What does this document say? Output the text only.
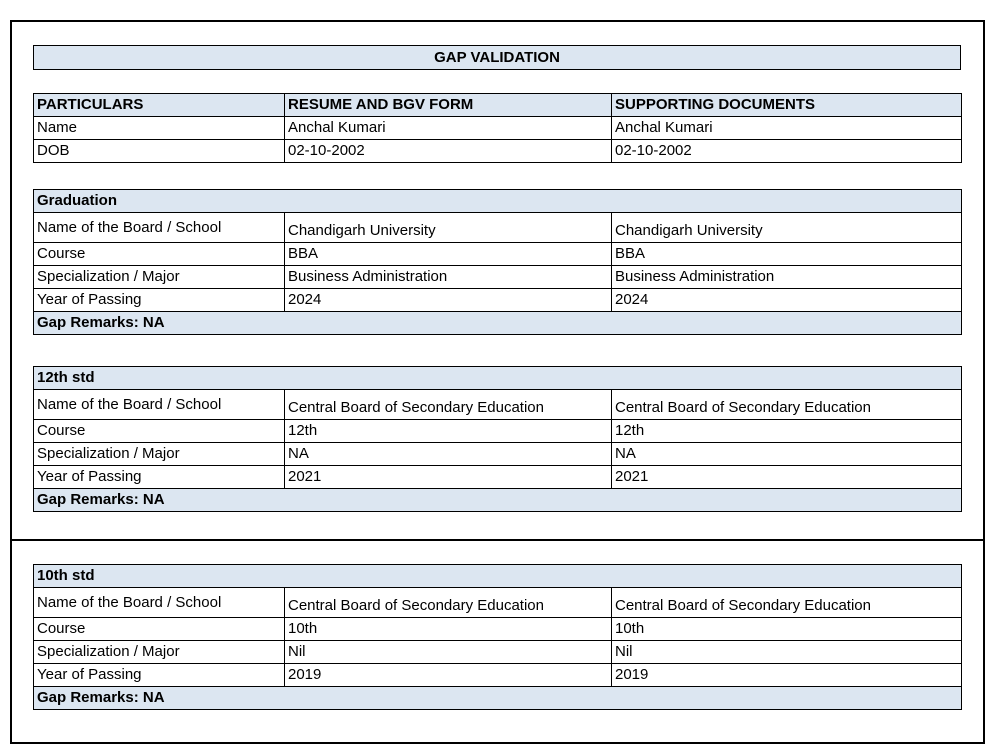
GAP VALIDATION
PARTICULARS	RESUME AND BGV FORM	SUPPORTING DOCUMENTS
Name	Anchal Kumari	Anchal Kumari
DOB	02-10-2002	02-10-2002
Graduation		
Name of the Board / School	Chandigarh University	Chandigarh University
Course	BBA	BBA
Specialization / Major	Business Administration	Business Administration
Year of Passing	2024	2024
Gap Remarks: NA		
12th std		
Name of the Board / School	Central Board of Secondary Education	Central Board of Secondary Education
Course	12th	12th
Specialization / Major	NA	NA
Year of Passing	2021	2021
Gap Remarks: NA		
10th std		
Name of the Board / School	Central Board of Secondary Education	Central Board of Secondary Education
Course	10th	10th
Specialization / Major	Nil	Nil
Year of Passing	2019	2019
Gap Remarks: NA		
